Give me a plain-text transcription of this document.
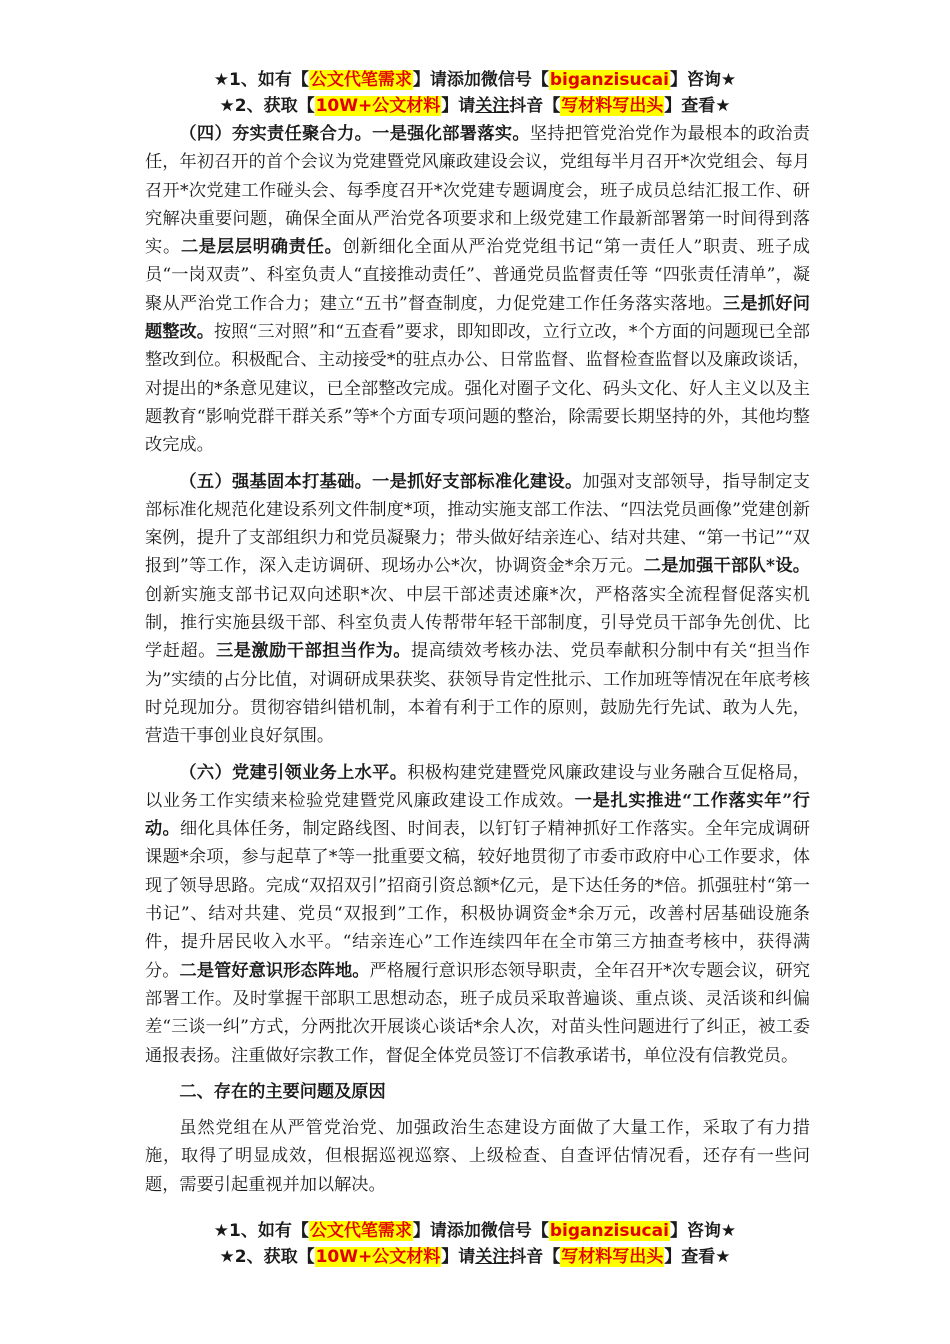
★1、如有【公文代笔需求】请添加微信号【biganzisucai】咨询★
★2、获取【10W+公文材料】请关注抖音【写材料写出头】查看★

（四）夯实责任聚合力。一是强化部署落实。坚持把管党治党作为最根本的政治责任，年初召开的首个会议为党建暨党风廉政建设会议，党组每半月召开*次党组会、每月召开*次党建工作碰头会、每季度召开*次党建专题调度会，班子成员总结汇报工作、研究解决重要问题，确保全面从严治党各项要求和上级党建工作最新部署第一时间得到落实。二是层层明确责任。创新细化全面从严治党党组书记“第一责任人”职责、班子成员“一岗双责”、科室负责人“直接推动责任”、普通党员监督责任等 “四张责任清单”，凝聚从严治党工作合力；建立“五书”督查制度，力促党建工作任务落实落地。三是抓好问题整改。按照“三对照”和“五查看”要求，即知即改，立行立改，*个方面的问题现已全部整改到位。积极配合、主动接受*的驻点办公、日常监督、监督检查监督以及廉政谈话，对提出的*条意见建议，已全部整改完成。强化对圈子文化、码头文化、好人主义以及主题教育“影响党群干群关系”等*个方面专项问题的整治，除需要长期坚持的外，其他均整改完成。

（五）强基固本打基础。一是抓好支部标准化建设。加强对支部领导，指导制定支部标准化规范化建设系列文件制度*项，推动实施支部工作法、“四法党员画像”党建创新案例，提升了支部组织力和党员凝聚力；带头做好结亲连心、结对共建、“第一书记”“双报到”等工作，深入走访调研、现场办公*次，协调资金*余万元。二是加强干部队*设。创新实施支部书记双向述职*次、中层干部述责述廉*次，严格落实全流程督促落实机制，推行实施县级干部、科室负责人传帮带年轻干部制度，引导党员干部争先创优、比学赶超。三是激励干部担当作为。提高绩效考核办法、党员奉献积分制中有关“担当作为”实绩的占分比值，对调研成果获奖、获领导肯定性批示、工作加班等情况在年底考核时兑现加分。贯彻容错纠错机制，本着有利于工作的原则，鼓励先行先试、敢为人先，营造干事创业良好氛围。

（六）党建引领业务上水平。积极构建党建暨党风廉政建设与业务融合互促格局，以业务工作实绩来检验党建暨党风廉政建设工作成效。一是扎实推进“工作落实年”行动。细化具体任务，制定路线图、时间表，以钉钉子精神抓好工作落实。全年完成调研课题*余项，参与起草了*等一批重要文稿，较好地贯彻了市委市政府中心工作要求，体现了领导思路。完成“双招双引”招商引资总额*亿元，是下达任务的*倍。抓强驻村“第一书记”、结对共建、党员“双报到”工作，积极协调资金*余万元，改善村居基础设施条件，提升居民收入水平。“结亲连心”工作连续四年在全市第三方抽查考核中，获得满分。二是管好意识形态阵地。严格履行意识形态领导职责，全年召开*次专题会议，研究部署工作。及时掌握干部职工思想动态，班子成员采取普遍谈、重点谈、灵活谈和纠偏差“三谈一纠”方式，分两批次开展谈心谈话*余人次，对苗头性问题进行了纠正，被工委通报表扬。注重做好宗教工作，督促全体党员签订不信教承诺书，单位没有信教党员。

二、存在的主要问题及原因

虽然党组在从严管党治党、加强政治生态建设方面做了大量工作，采取了有力措施，取得了明显成效，但根据巡视巡察、上级检查、自查评估情况看，还存有一些问题，需要引起重视并加以解决。

★1、如有【公文代笔需求】请添加微信号【biganzisucai】咨询★
★2、获取【10W+公文材料】请关注抖音【写材料写出头】查看★
